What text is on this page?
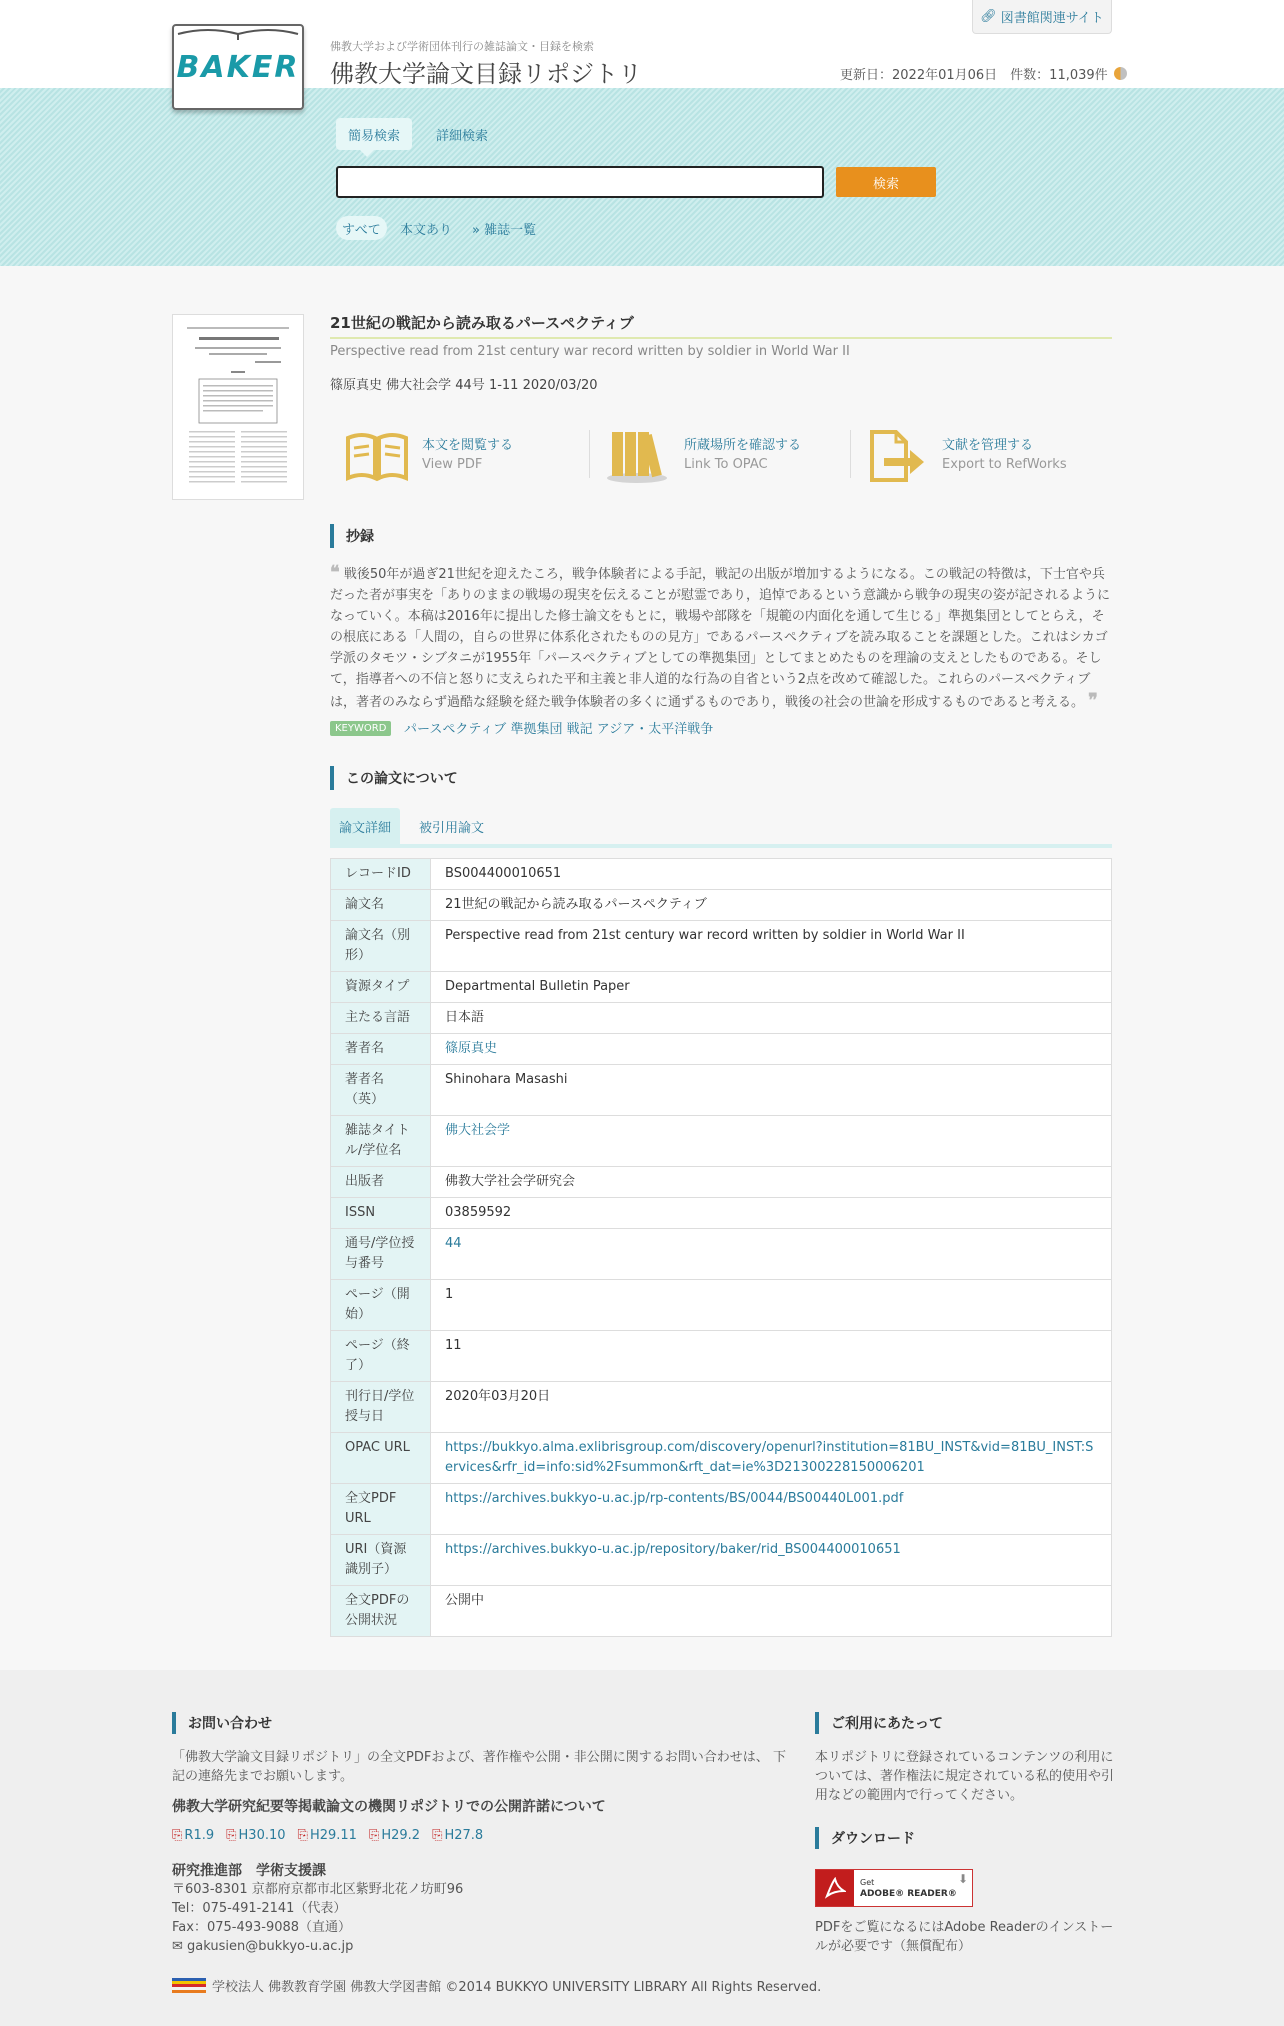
BAKER
佛教大学および学術団体刊行の雑誌論文・目録を検索
佛教大学論文目録リポジトリ
🔗︎ 図書館関連サイト
更新日：2022年01月06日　件数：11,039件
簡易検索	詳細検索
検索
すべて	本文あり	» 雑誌一覧
21世紀の戦記から読み取るパースペクティブ
Perspective read from 21st century war record written by soldier in World War II
篠原真史 佛大社会学 44号 1-11 2020/03/20
本文を閲覧する
View PDF
所蔵場所を確認する
Link To OPAC
文献を管理する
Export to RefWorks
抄録
❝ 戦後50年が過ぎ21世紀を迎えたころ，戦争体験者による手記，戦記の出版が増加するようになる。この戦記の特徴は，下士官や兵だった者が事実を「ありのままの戦場の現実を伝えることが慰霊であり，追悼であるという意識から戦争の現実の姿が記されるようになっていく。本稿は2016年に提出した修士論文をもとに，戦場や部隊を「規範の内面化を通して生じる」準拠集団としてとらえ，その根底にある「人間の，自らの世界に体系化されたものの見方」であるパースペクティブを読み取ることを課題とした。これはシカゴ学派のタモツ・シブタニが1955年「パースペクティブとしての準拠集団」としてまとめたものを理論の支えとしたものである。そして，指導者への不信と怒りに支えられた平和主義と非人道的な行為の自省という2点を改めて確認した。これらのパースペクティブは，著者のみならず過酷な経験を経た戦争体験者の多くに通ずるものであり，戦後の社会の世論を形成するものであると考える。 ❞
KEYWORD	パースペクティブ 準拠集団 戦記 アジア・太平洋戦争
この論文について
論文詳細	被引用論文
レコードID	BS004400010651
論文名	21世紀の戦記から読み取るパースペクティブ
論文名（別形）	Perspective read from 21st century war record written by soldier in World War II
資源タイプ	Departmental Bulletin Paper
主たる言語	日本語
著者名	篠原真史
著者名（英）	Shinohara Masashi
雑誌タイトル/学位名	佛大社会学
出版者	佛教大学社会学研究会
ISSN	03859592
通号/学位授与番号	44
ページ（開始）	1
ページ（終了）	11
刊行日/学位授与日	2020年03月20日
OPAC URL	https://bukkyo.alma.exlibrisgroup.com/discovery/openurl?institution=81BU_INST&vid=81BU_INST:Services&rfr_id=info:sid%2Fsummon&rft_dat=ie%3D21300228150006201
全文PDF URL	https://archives.bukkyo-u.ac.jp/rp-contents/BS/0044/BS00440L001.pdf
URI（資源識別子）	https://archives.bukkyo-u.ac.jp/repository/baker/rid_BS004400010651
全文PDFの公開状況	公開中
お問い合わせ
「佛教大学論文目録リポジトリ」の全文PDFおよび、著作権や公開・非公開に関するお問い合わせは、 下記の連絡先までお願いします。
佛教大学研究紀要等掲載論文の機関リポジトリでの公開許諾について
⎘ R1.9 ⎘ H30.10 ⎘ H29.11 ⎘ H29.2 ⎘ H27.8
研究推進部　学術支援課
〒603-8301 京都府京都市北区紫野北花ノ坊町96
Tel：075-491-2141（代表）
Fax：075-493-9088（直通）
✉ gakusien@bukkyo-u.ac.jp
ご利用にあたって
本リポジトリに登録されているコンテンツの利用については、著作権法に規定されている私的使用や引用などの範囲内で行ってください。
ダウンロード
Get
ADOBE® READER®
⬇
PDFをご覧になるにはAdobe Readerのインストールが必要です（無償配布）
学校法人 佛教教育学園 佛教大学図書館 ©2014 BUKKYO UNIVERSITY LIBRARY All Rights Reserved.
